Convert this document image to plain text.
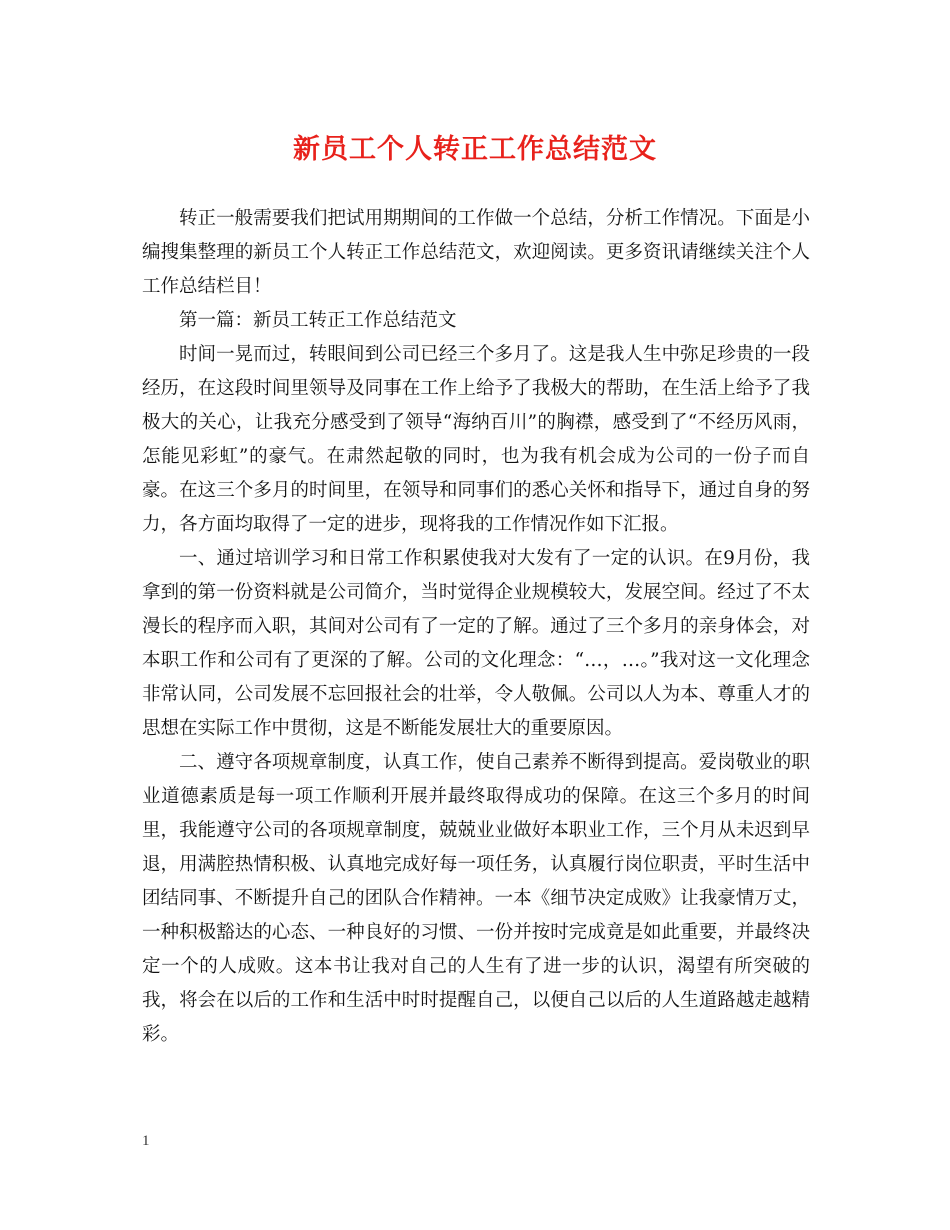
新员工个人转正工作总结范文

转正一般需要我们把试用期期间的工作做一个总结，分析工作情况。下面是小编搜集整理的新员工个人转正工作总结范文，欢迎阅读。更多资讯请继续关注个人工作总结栏目！

第一篇：新员工转正工作总结范文

时间一晃而过，转眼间到公司已经三个多月了。这是我人生中弥足珍贵的一段经历，在这段时间里领导及同事在工作上给予了我极大的帮助，在生活上给予了我极大的关心，让我充分感受到了领导“海纳百川”的胸襟，感受到了“不经历风雨，怎能见彩虹”的豪气。在肃然起敬的同时，也为我有机会成为公司的一份子而自豪。在这三个多月的时间里，在领导和同事们的悉心关怀和指导下，通过自身的努力，各方面均取得了一定的进步，现将我的工作情况作如下汇报。

一、通过培训学习和日常工作积累使我对大发有了一定的认识。在9月份，我拿到的第一份资料就是公司简介，当时觉得企业规模较大，发展空间。经过了不太漫长的程序而入职，其间对公司有了一定的了解。通过了三个多月的亲身体会，对本职工作和公司有了更深的了解。公司的文化理念：“…，…。”我对这一文化理念非常认同，公司发展不忘回报社会的壮举，令人敬佩。公司以人为本、尊重人才的思想在实际工作中贯彻，这是不断能发展壮大的重要原因。

二、遵守各项规章制度，认真工作，使自己素养不断得到提高。爱岗敬业的职业道德素质是每一项工作顺利开展并最终取得成功的保障。在这三个多月的时间里，我能遵守公司的各项规章制度，兢兢业业做好本职业工作，三个月从未迟到早退，用满腔热情积极、认真地完成好每一项任务，认真履行岗位职责，平时生活中团结同事、不断提升自己的团队合作精神。一本《细节决定成败》让我豪情万丈，一种积极豁达的心态、一种良好的习惯、一份并按时完成竟是如此重要，并最终决定一个的人成败。这本书让我对自己的人生有了进一步的认识，渴望有所突破的我，将会在以后的工作和生活中时时提醒自己，以便自己以后的人生道路越走越精彩。

1
